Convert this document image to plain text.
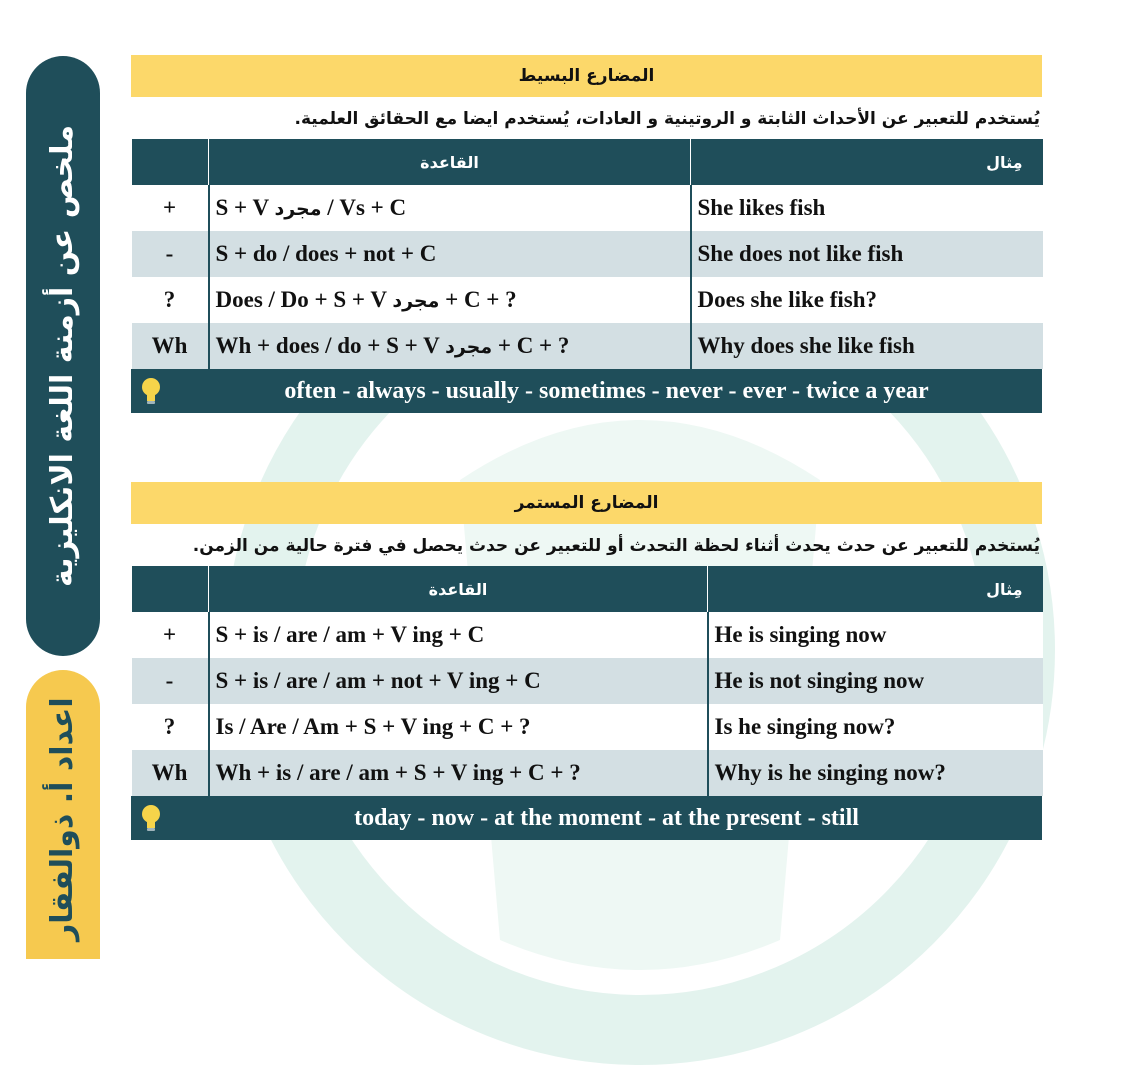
ملخص عن أزمنة اللغة الانكليزية
اعداد أ. ذوالفقار
المضارع البسيط
يُستخدم للتعبير عن الأحداث الثابتة و الروتينية و العادات، يُستخدم ايضا مع الحقائق العلمية.
	القاعدة	مِثال
+	S + V مجرد / Vs + C	She likes fish
-	S + do / does + not + C	She does not like fish
?	Does / Do + S + V مجرد + C + ?	Does she like fish?
Wh	Wh + does / do + S + V مجرد + C + ?	Why does she like fish
often - always - usually - sometimes - never - ever - twice a year
المضارع المستمر
يُستخدم للتعبير عن حدث يحدث أثناء لحظة التحدث أو للتعبير عن حدث يحصل في فترة حالية من الزمن.
	القاعدة	مِثال
+	S + is / are / am + V ing + C	He is singing now
-	S + is / are / am + not + V ing + C	He is not singing now
?	Is / Are / Am + S + V ing + C + ?	Is he singing now?
Wh	Wh + is / are / am + S + V ing + C + ?	Why is he singing now?
today - now - at the moment - at the present - still
